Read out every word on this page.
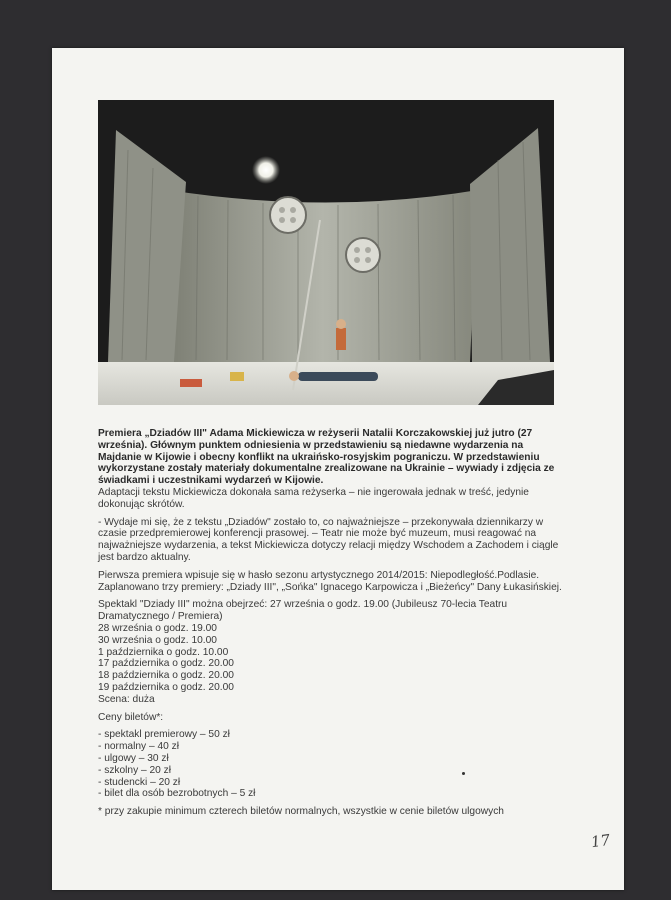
Premiera „Dziadów III" Adama Mickiewicza w reżyserii Natalii Korczakowskiej już jutro (27 września). Głównym punktem odniesienia w przedstawieniu są niedawne wydarzenia na Majdanie w Kijowie i obecny konflikt na ukraińsko-rosyjskim pograniczu. W przedstawieniu wykorzystane zostały materiały dokumentalne zrealizowane na Ukrainie – wywiady i zdjęcia ze świadkami i uczestnikami wydarzeń w Kijowie.

Adaptacji tekstu Mickiewicza dokonała sama reżyserka – nie ingerowała jednak w treść, jedynie dokonując skrótów.

- Wydaje mi się, że z tekstu „Dziadów" zostało to, co najważniejsze – przekonywała dziennikarzy w czasie przedpremierowej konferencji prasowej. – Teatr nie może być muzeum, musi reagować na najważniejsze wydarzenia, a tekst Mickiewicza dotyczy relacji między Wschodem a Zachodem i ciągle jest bardzo aktualny.

Pierwsza premiera wpisuje się w hasło sezonu artystycznego 2014/2015: Niepodległość.Podlasie.

Zaplanowano trzy premiery: „Dziady III", „Sońka" Ignacego Karpowicza i „Bieżeńcy" Dany Łukasińskiej.

Spektakl "Dziady III" można obejrzeć: 27 września o godz. 19.00 (Jubileusz 70-lecia Teatru Dramatycznego / Premiera)

28 września o godz. 19.00

30 września o godz. 10.00

1 października o godz. 10.00

17 października o godz. 20.00

18 października o godz. 20.00

19 października o godz. 20.00

Scena: duża

Ceny biletów*:

- spektakl premierowy – 50 zł

- normalny – 40 zł

- ulgowy – 30 zł

- szkolny – 20 zł

- studencki – 20 zł

- bilet dla osób bezrobotnych – 5 zł

* przy zakupie minimum czterech biletów normalnych, wszystkie w cenie biletów ulgowych

17
